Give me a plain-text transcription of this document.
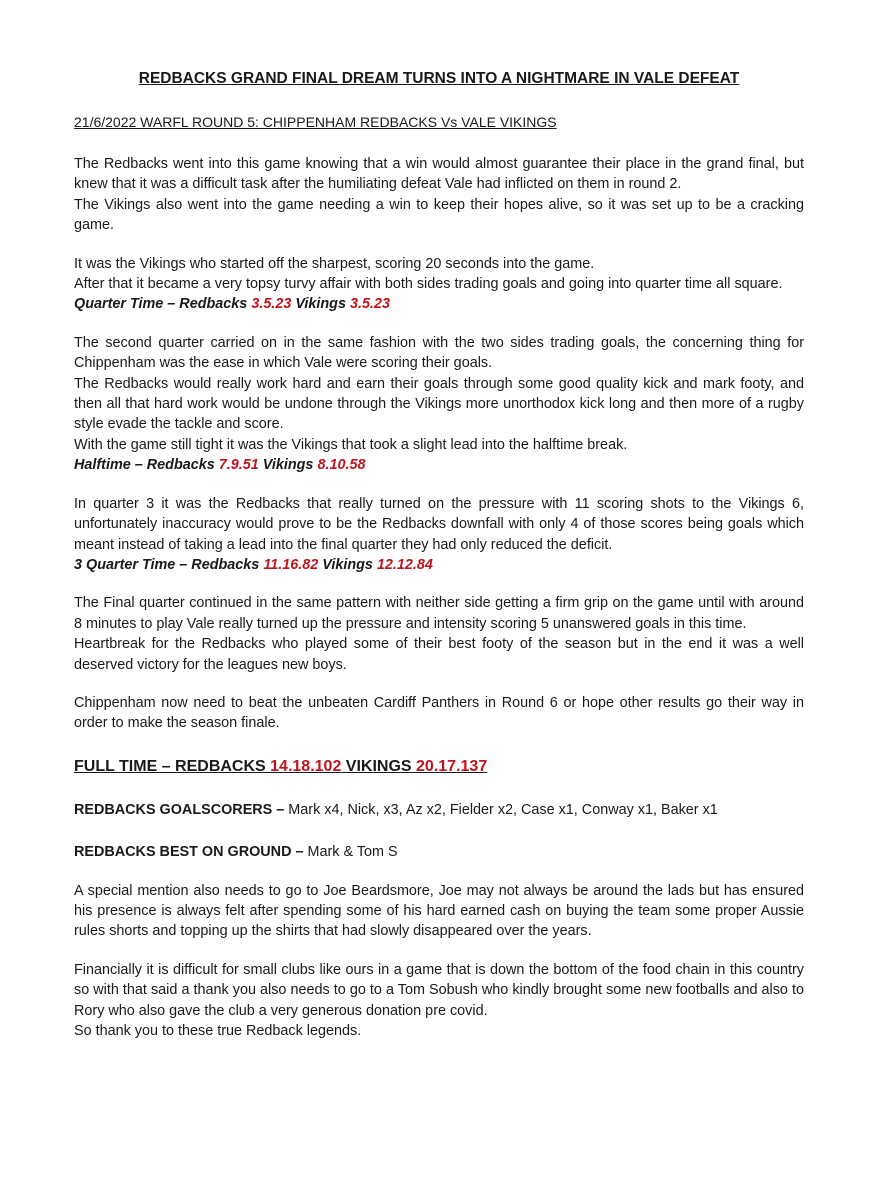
REDBACKS GRAND FINAL DREAM TURNS INTO A NIGHTMARE IN VALE DEFEAT
21/6/2022 WARFL ROUND 5: CHIPPENHAM REDBACKS Vs VALE VIKINGS

The Redbacks went into this game knowing that a win would almost guarantee their place in the grand final, but knew that it was a difficult task after the humiliating defeat Vale had inflicted on them in round 2.

The Vikings also went into the game needing a win to keep their hopes alive, so it was set up to be a cracking game.

It was the Vikings who started off the sharpest, scoring 20 seconds into the game.

After that it became a very topsy turvy affair with both sides trading goals and going into quarter time all square.

Quarter Time – Redbacks 3.5.23 Vikings 3.5.23

The second quarter carried on in the same fashion with the two sides trading goals, the concerning thing for Chippenham was the ease in which Vale were scoring their goals.

The Redbacks would really work hard and earn their goals through some good quality kick and mark footy, and then all that hard work would be undone through the Vikings more unorthodox kick long and then more of a rugby style evade the tackle and score.

With the game still tight it was the Vikings that took a slight lead into the halftime break.

Halftime – Redbacks 7.9.51 Vikings 8.10.58

In quarter 3 it was the Redbacks that really turned on the pressure with 11 scoring shots to the Vikings 6, unfortunately inaccuracy would prove to be the Redbacks downfall with only 4 of those scores being goals which meant instead of taking a lead into the final quarter they had only reduced the deficit.

3 Quarter Time – Redbacks 11.16.82 Vikings 12.12.84

The Final quarter continued in the same pattern with neither side getting a firm grip on the game until with around 8 minutes to play Vale really turned up the pressure and intensity scoring 5 unanswered goals in this time.

Heartbreak for the Redbacks who played some of their best footy of the season but in the end it was a well deserved victory for the leagues new boys.

Chippenham now need to beat the unbeaten Cardiff Panthers in Round 6 or hope other results go their way in order to make the season finale.

FULL TIME – REDBACKS 14.18.102 VIKINGS 20.17.137
REDBACKS GOALSCORERS – Mark x4, Nick, x3, Az x2, Fielder x2, Case x1, Conway x1, Baker x1
REDBACKS BEST ON GROUND – Mark & Tom S

A special mention also needs to go to Joe Beardsmore, Joe may not always be around the lads but has ensured his presence is always felt after spending some of his hard earned cash on buying the team some proper Aussie rules shorts and topping up the shirts that had slowly disappeared over the years.

Financially it is difficult for small clubs like ours in a game that is down the bottom of the food chain in this country so with that said a thank you also needs to go to a Tom Sobush who kindly brought some new footballs and also to Rory who also gave the club a very generous donation pre covid.

So thank you to these true Redback legends.
